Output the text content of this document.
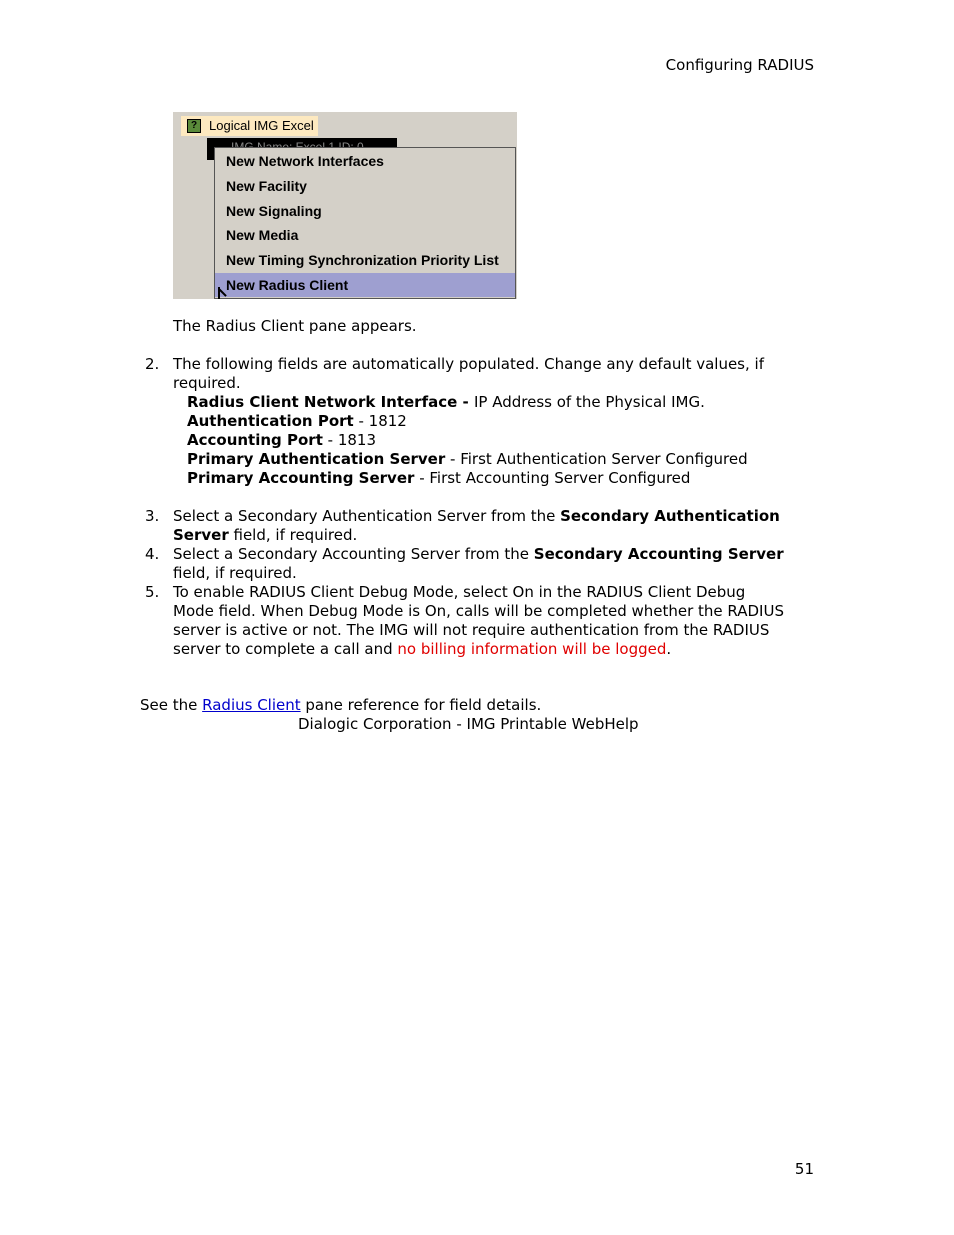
Configuring RADIUS
? Logical IMG Excel
New Network Interfaces
New Facility
New Signaling
New Media
New Timing Synchronization Priority List
New Radius Client
The Radius Client pane appears.
2. The following fields are automatically populated. Change any default values, if
required.
Radius Client Network Interface - IP Address of the Physical IMG.
Authentication Port - 1812
Accounting Port - 1813
Primary Authentication Server - First Authentication Server Configured
Primary Accounting Server - First Accounting Server Configured
3. Select a Secondary Authentication Server from the Secondary Authentication
Server field, if required.
4. Select a Secondary Accounting Server from the Secondary Accounting Server
field, if required.
5. To enable RADIUS Client Debug Mode, select On in the RADIUS Client Debug
Mode field. When Debug Mode is On, calls will be completed whether the RADIUS
server is active or not. The IMG will not require authentication from the RADIUS
server to complete a call and no billing information will be logged.
See the Radius Client pane reference for field details.
Dialogic Corporation - IMG Printable WebHelp
51
